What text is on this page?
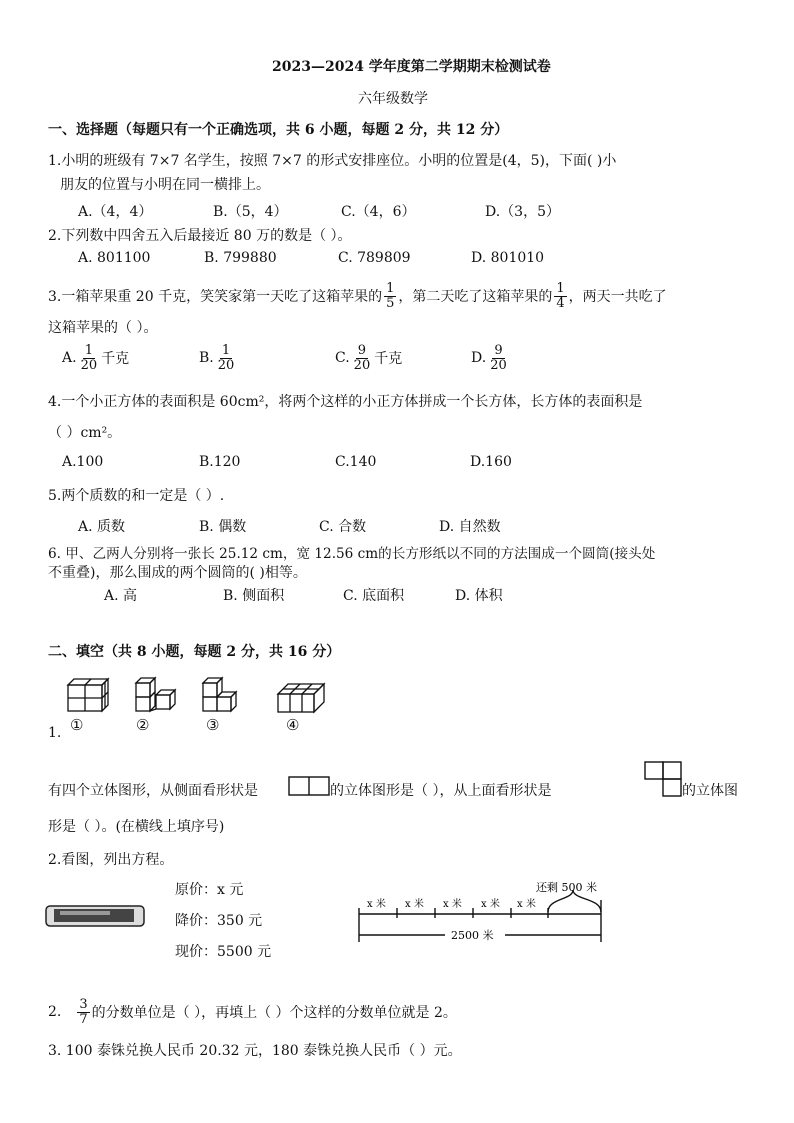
2023—2024 学年度第二学期期末检测试卷
六年级数学
一、选择题（每题只有一个正确选项，共 6 小题，每题 2 分，共 12 分）
1.小明的班级有 7×7 名学生，按照 7×7 的形式安排座位。小明的位置是(4，5)，下面( )小
朋友的位置与小明在同一横排上。
A.（4，4）	B.（5，4）	C.（4，6）	D.（3，5）
2.下列数中四舍五入后最接近 80 万的数是（ ）。
A. 801100	B. 799880	C. 789809	D. 801010
3.一箱苹果重 20 千克，笑笑家第一天吃了这箱苹果的 $\frac{1}{5}$ ，第二天吃了这箱苹果的 $\frac{1}{4}$ ，两天一共吃了
这箱苹果的（ ）。
A. $\frac{1}{20}$ 千克	B. $\frac{1}{20}$	C. $\frac{9}{20}$ 千克	D. $\frac{9}{20}$
4.一个小正方体的表面积是 60cm²，将两个这样的小正方体拼成一个长方体，长方体的表面积是
（ ）cm²。
A.100	B.120	C.140	D.160
5.两个质数的和一定是（ ）.
A. 质数	B. 偶数	C. 合数	D. 自然数
6. 甲、乙两人分别将一张长 25.12 cm，宽 12.56 cm的长方形纸以不同的方法围成一个圆筒(接头处
不重叠)，那么围成的两个圆筒的( )相等。
A. 高	B. 侧面积	C. 底面积	D. 体积
二、填空（共 8 小题，每题 2 分，共 16 分）
1. ①	②	③	④
有四个立体图形，从侧面看形状是	的立体图形是（ ），从上面看形状是	的立体图
形是（ ）。(在横线上填序号)
2.看图，列出方程。
原价：x 元
降价：350 元
现价：5500 元
x 米 x 米 x 米 x 米 x 米
还剩 500 米
2500 米
2. $\frac{3}{7}$ 的分数单位是（ ），再填上（ ）个这样的分数单位就是 2。
3. 100 泰铢兑换人民币 20.32 元，180 泰铢兑换人民币（ ）元。
